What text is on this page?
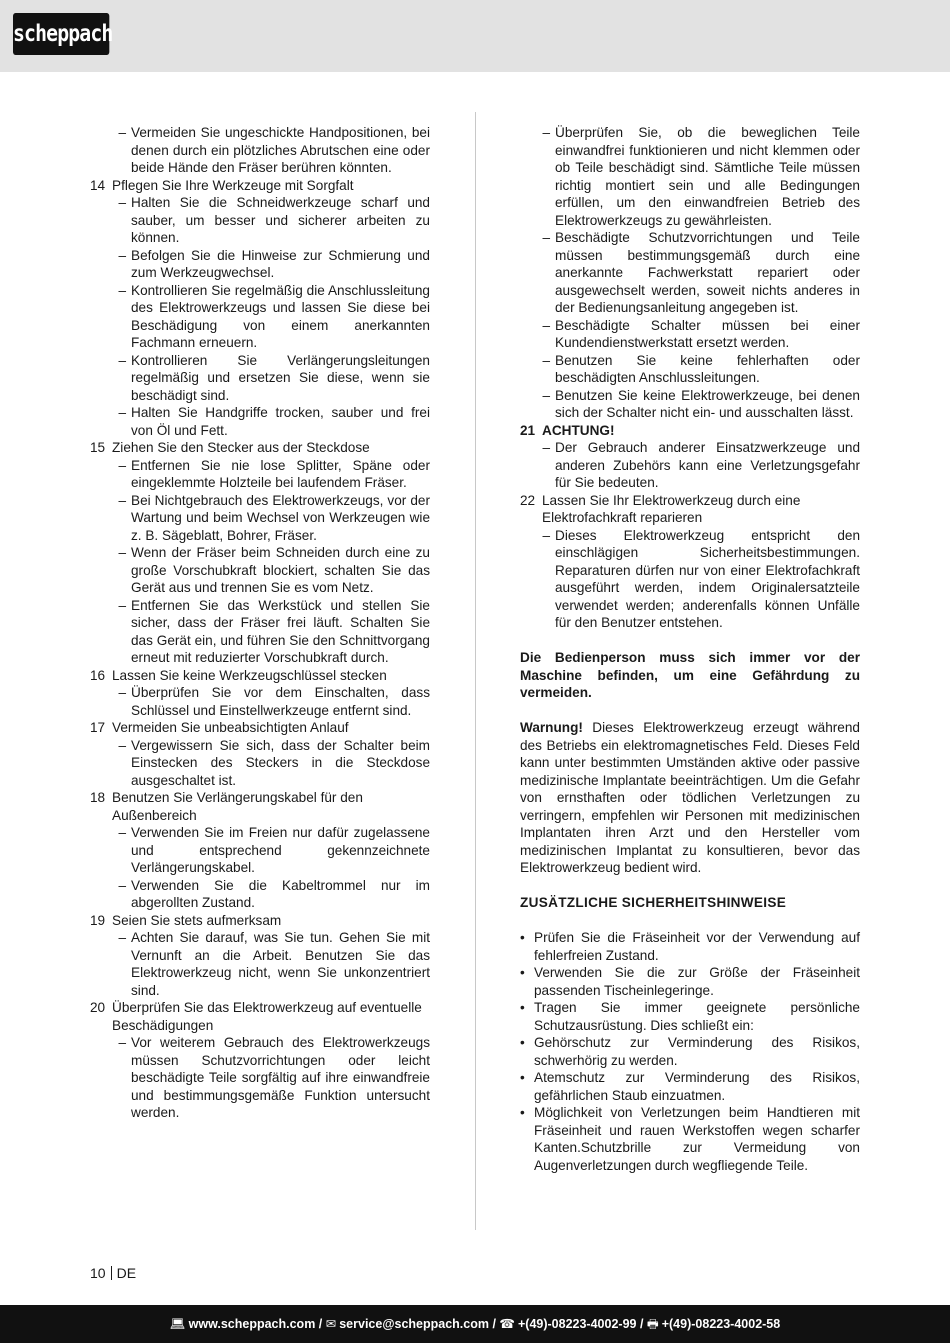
scheppach
– Vermeiden Sie ungeschickte Handpositionen, bei denen durch ein plötzliches Abrutschen eine oder beide Hände den Fräser berühren könnten.
14 Pflegen Sie Ihre Werkzeuge mit Sorgfalt
– Halten Sie die Schneidwerkzeuge scharf und sauber, um besser und sicherer arbeiten zu können.
– Befolgen Sie die Hinweise zur Schmierung und zum Werkzeugwechsel.
– Kontrollieren Sie regelmäßig die Anschlussleitung des Elektrowerkzeugs und lassen Sie diese bei Beschädigung von einem anerkannten Fachmann erneuern.
– Kontrollieren Sie Verlängerungsleitungen regelmäßig und ersetzen Sie diese, wenn sie beschädigt sind.
– Halten Sie Handgriffe trocken, sauber und frei von Öl und Fett.
15 Ziehen Sie den Stecker aus der Steckdose
– Entfernen Sie nie lose Splitter, Späne oder eingeklemmte Holzteile bei laufendem Fräser.
– Bei Nichtgebrauch des Elektrowerkzeugs, vor der Wartung und beim Wechsel von Werkzeugen wie z. B. Sägeblatt, Bohrer, Fräser.
– Wenn der Fräser beim Schneiden durch eine zu große Vorschubkraft blockiert, schalten Sie das Gerät aus und trennen Sie es vom Netz.
– Entfernen Sie das Werkstück und stellen Sie sicher, dass der Fräser frei läuft. Schalten Sie das Gerät ein, und führen Sie den Schnittvorgang erneut mit reduzierter Vorschubkraft durch.
16 Lassen Sie keine Werkzeugschlüssel stecken
– Überprüfen Sie vor dem Einschalten, dass Schlüssel und Einstellwerkzeuge entfernt sind.
17 Vermeiden Sie unbeabsichtigten Anlauf
– Vergewissern Sie sich, dass der Schalter beim Einstecken des Steckers in die Steckdose ausgeschaltet ist.
18 Benutzen Sie Verlängerungskabel für den Außenbereich
– Verwenden Sie im Freien nur dafür zugelassene und entsprechend gekennzeichnete Verlängerungskabel.
– Verwenden Sie die Kabeltrommel nur im abgerollten Zustand.
19 Seien Sie stets aufmerksam
– Achten Sie darauf, was Sie tun. Gehen Sie mit Vernunft an die Arbeit. Benutzen Sie das Elektrowerkzeug nicht, wenn Sie unkonzentriert sind.
20 Überprüfen Sie das Elektrowerkzeug auf eventuelle Beschädigungen
– Vor weiterem Gebrauch des Elektrowerkzeugs müssen Schutzvorrichtungen oder leicht beschädigte Teile sorgfältig auf ihre einwandfreie und bestimmungsgemäße Funktion untersucht werden.
– Überprüfen Sie, ob die beweglichen Teile einwandfrei funktionieren und nicht klemmen oder ob Teile beschädigt sind. Sämtliche Teile müssen richtig montiert sein und alle Bedingungen erfüllen, um den einwandfreien Betrieb des Elektrowerkzeugs zu gewährleisten.
– Beschädigte Schutzvorrichtungen und Teile müssen bestimmungsgemäß durch eine anerkannte Fachwerkstatt repariert oder ausgewechselt werden, soweit nichts anderes in der Bedienungsanleitung angegeben ist.
– Beschädigte Schalter müssen bei einer Kundendienstwerkstatt ersetzt werden.
– Benutzen Sie keine fehlerhaften oder beschädigten Anschlussleitungen.
– Benutzen Sie keine Elektrowerkzeuge, bei denen sich der Schalter nicht ein- und ausschalten lässt.
21 ACHTUNG!
– Der Gebrauch anderer Einsatzwerkzeuge und anderen Zubehörs kann eine Verletzungsgefahr für Sie bedeuten.
22 Lassen Sie Ihr Elektrowerkzeug durch eine Elektrofachkraft reparieren
– Dieses Elektrowerkzeug entspricht den einschlägigen Sicherheitsbestimmungen. Reparaturen dürfen nur von einer Elektrofachkraft ausgeführt werden, indem Originalersatzteile verwendet werden; anderenfalls können Unfälle für den Benutzer entstehen.
Die Bedienperson muss sich immer vor der Maschine befinden, um eine Gefährdung zu vermeiden.
Warnung! Dieses Elektrowerkzeug erzeugt während des Betriebs ein elektromagnetisches Feld. Dieses Feld kann unter bestimmten Umständen aktive oder passive medizinische Implantate beeinträchtigen. Um die Gefahr von ernsthaften oder tödlichen Verletzungen zu verringern, empfehlen wir Personen mit medizinischen Implantaten ihren Arzt und den Hersteller vom medizinischen Implantat zu konsultieren, bevor das Elektrowerkzeug bedient wird.
ZUSÄTZLICHE SICHERHEITSHINWEISE
• Prüfen Sie die Fräseinheit vor der Verwendung auf fehlerfreien Zustand.
• Verwenden Sie die zur Größe der Fräseinheit passenden Tischeinlegeringe.
• Tragen Sie immer geeignete persönliche Schutzausrüstung. Dies schließt ein:
• Gehörschutz zur Verminderung des Risikos, schwerhörig zu werden.
• Atemschutz zur Verminderung des Risikos, gefährlichen Staub einzuatmen.
• Möglichkeit von Verletzungen beim Handtieren mit Fräseinheit und rauen Werkstoffen wegen scharfer Kanten.Schutzbrille zur Vermeidung von Augenverletzungen durch wegfliegende Teile.
10 DE
💻︎ www.scheppach.com / ✉︎ service@scheppach.com / ☎︎ +(49)-08223-4002-99 / 🖶︎ +(49)-08223-4002-58
